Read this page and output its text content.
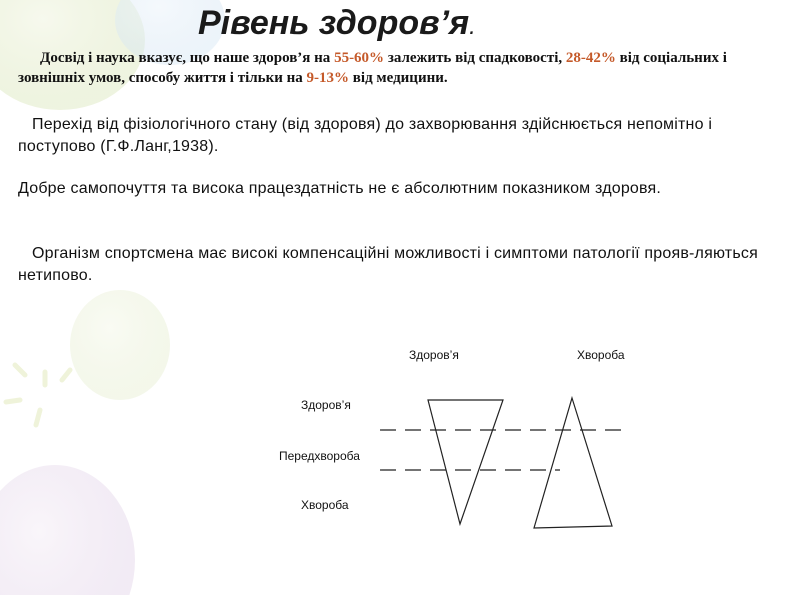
Рівень здоров’я.
Досвід і наука вказує, що наше здоров’я на 55-60% залежить від спадковості, 28-42% від соціальних і зовнішніх умов, способу життя і тільки на 9-13% від медицини.
Перехід від фізіологічного стану (від здоровя) до захворювання здійснюється непомітно і поступово (Г.Ф.Ланг,1938).
Добре самопочуття та висока працездатність не є абсолютним показником здоровя.
Організм спортсмена має високі компенсаційні можливості і симптоми патології прояв-ляються нетипово.
Здоров’я	Хвороба
Здоров’я
Передхвороба
Хвороба
